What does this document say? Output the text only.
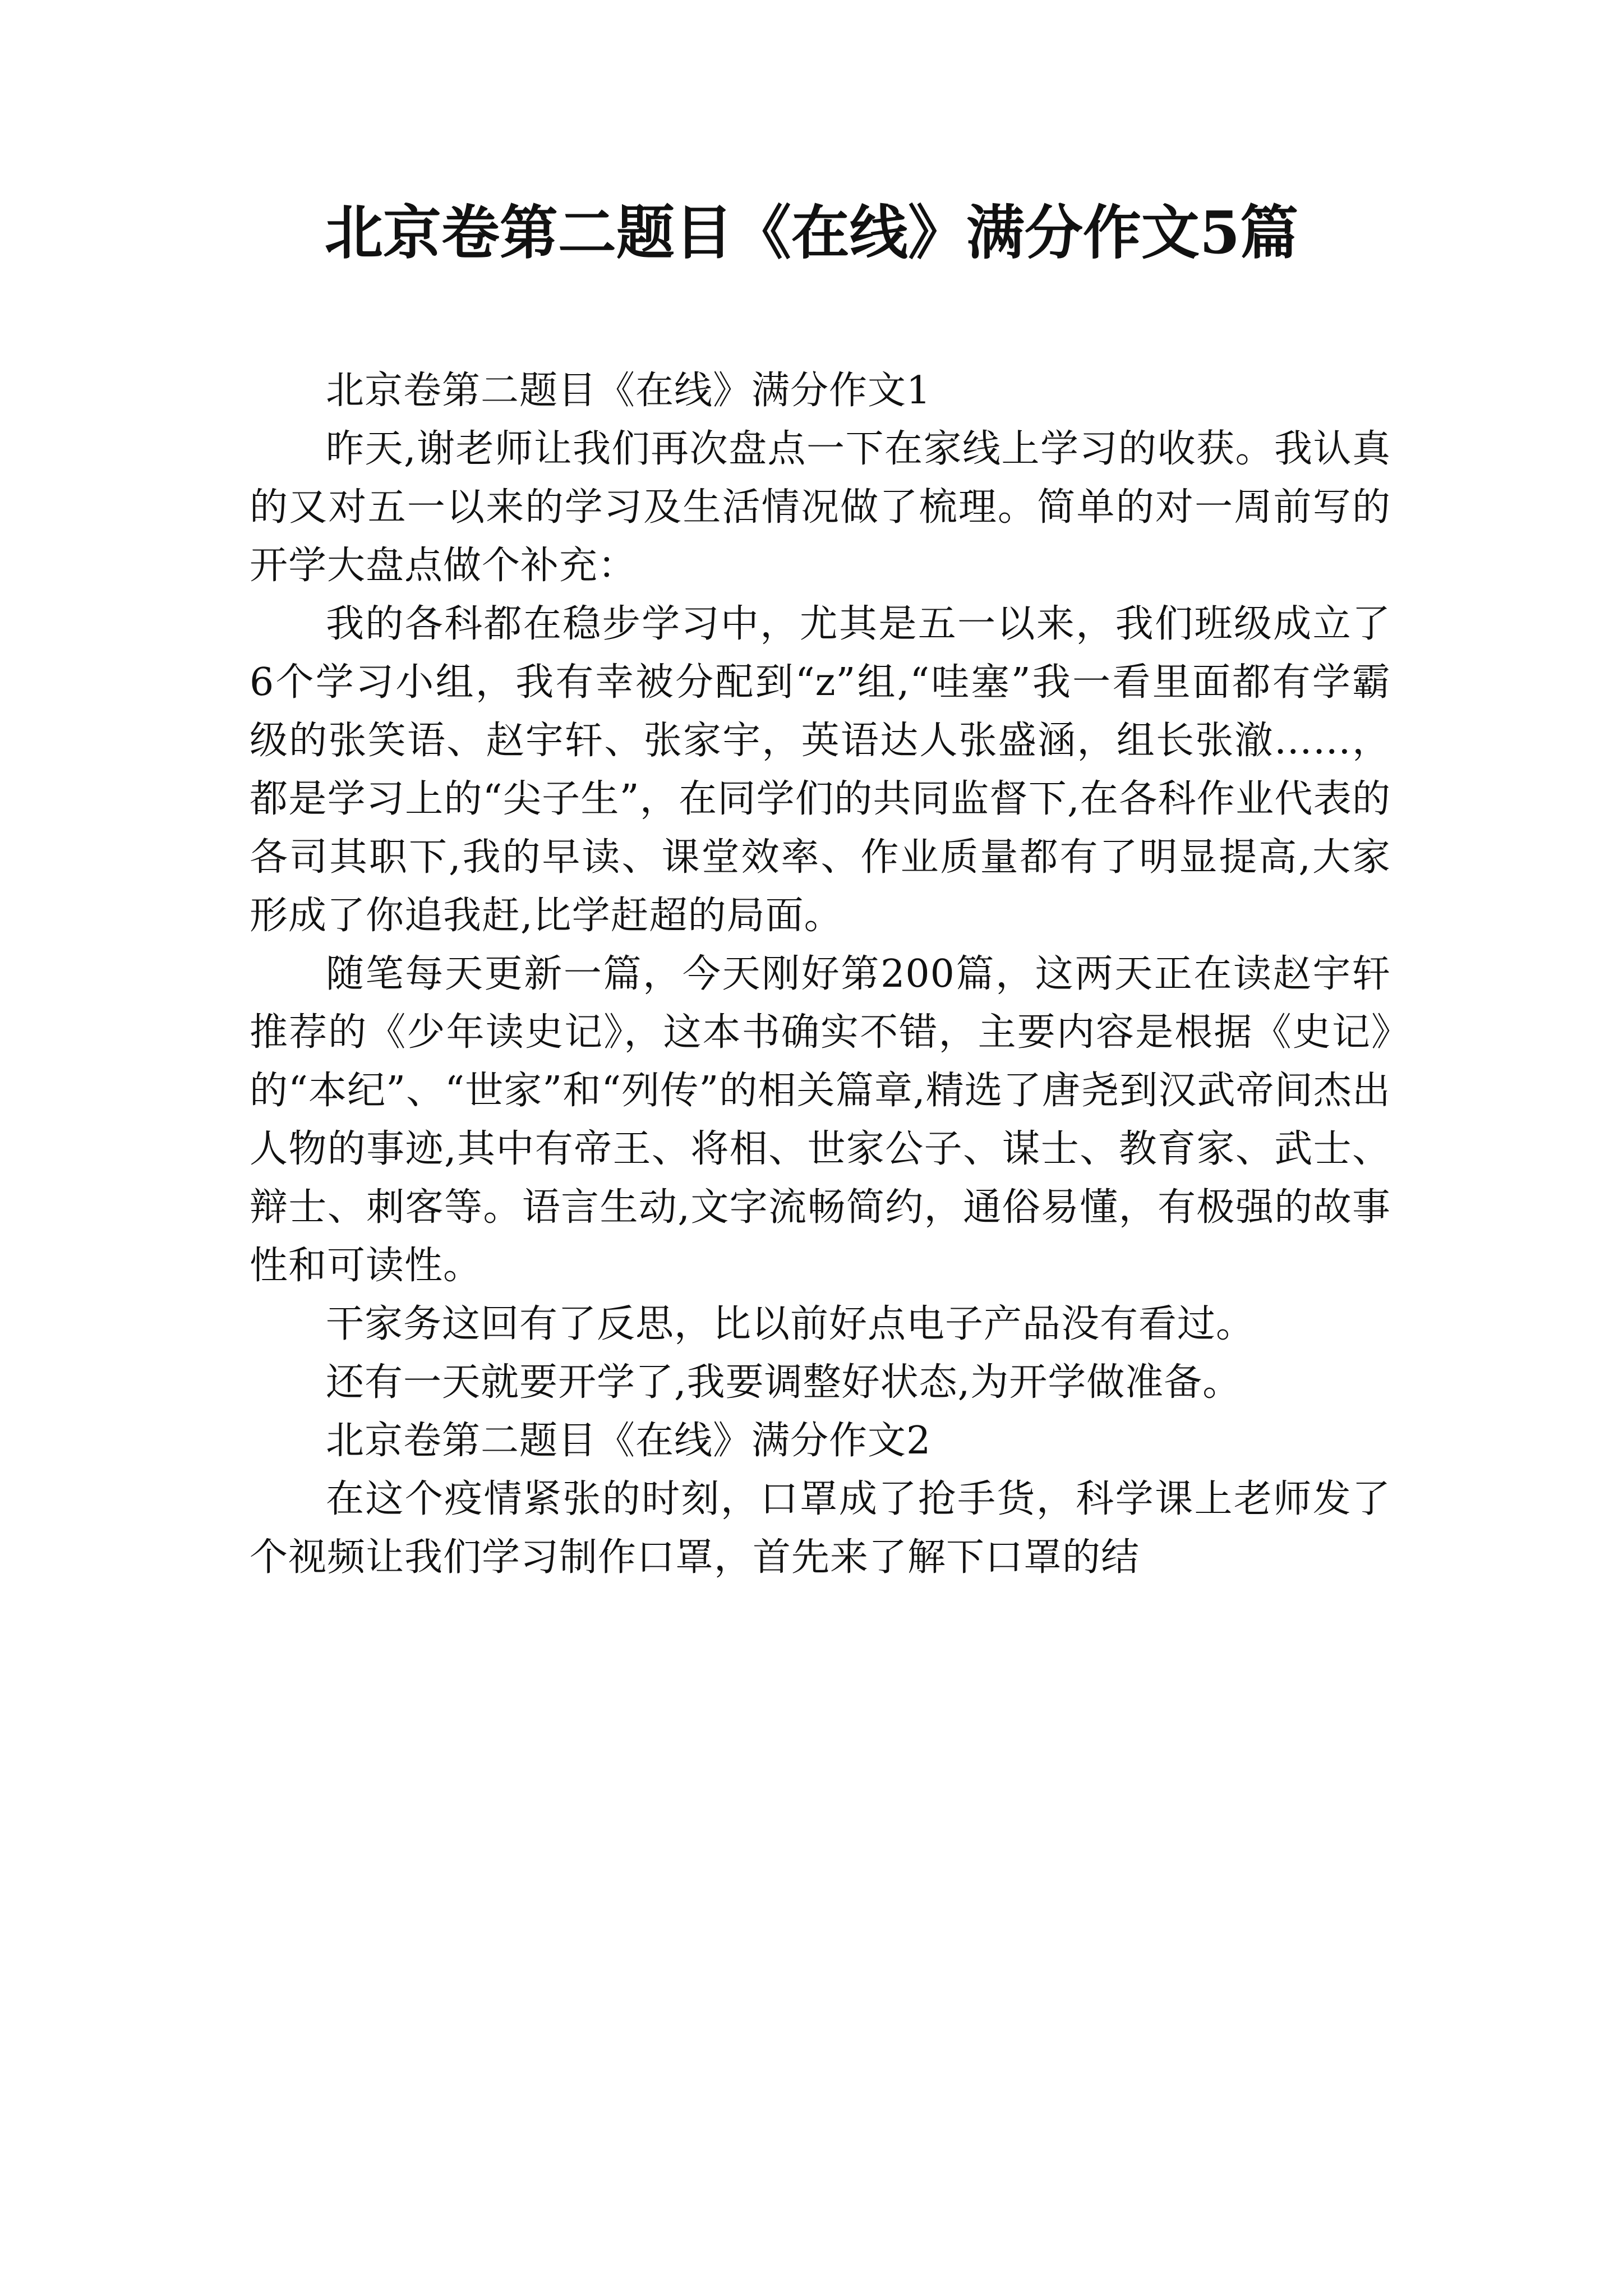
北京卷第二题目《在线》满分作文5篇

北京卷第二题目《在线》满分作文1

昨天,谢老师让我们再次盘点一下在家线上学习的收获。我认真的又对五一以来的学习及生活情况做了梳理。简单的对一周前写的开学大盘点做个补充：

我的各科都在稳步学习中，尤其是五一以来，我们班级成立了6个学习小组，我有幸被分配到“z”组,“哇塞”我一看里面都有学霸级的张笑语、赵宇轩、张家宇，英语达人张盛涵，组长张澈……，都是学习上的“尖子生”，在同学们的共同监督下,在各科作业代表的各司其职下,我的早读、课堂效率、作业质量都有了明显提高,大家形成了你追我赶,比学赶超的局面。

随笔每天更新一篇，今天刚好第200篇，这两天正在读赵宇轩推荐的《少年读史记》，这本书确实不错，主要内容是根据《史记》的“本纪”、“世家”和“列传”的相关篇章,精选了唐尧到汉武帝间杰出人物的事迹,其中有帝王、将相、世家公子、谋士、教育家、武士、辩士、刺客等。语言生动,文字流畅简约，通俗易懂，有极强的故事性和可读性。

干家务这回有了反思，比以前好点电子产品没有看过。

还有一天就要开学了,我要调整好状态,为开学做准备。

北京卷第二题目《在线》满分作文2

在这个疫情紧张的时刻，口罩成了抢手货，科学课上老师发了个视频让我们学习制作口罩，首先来了解下口罩的结
